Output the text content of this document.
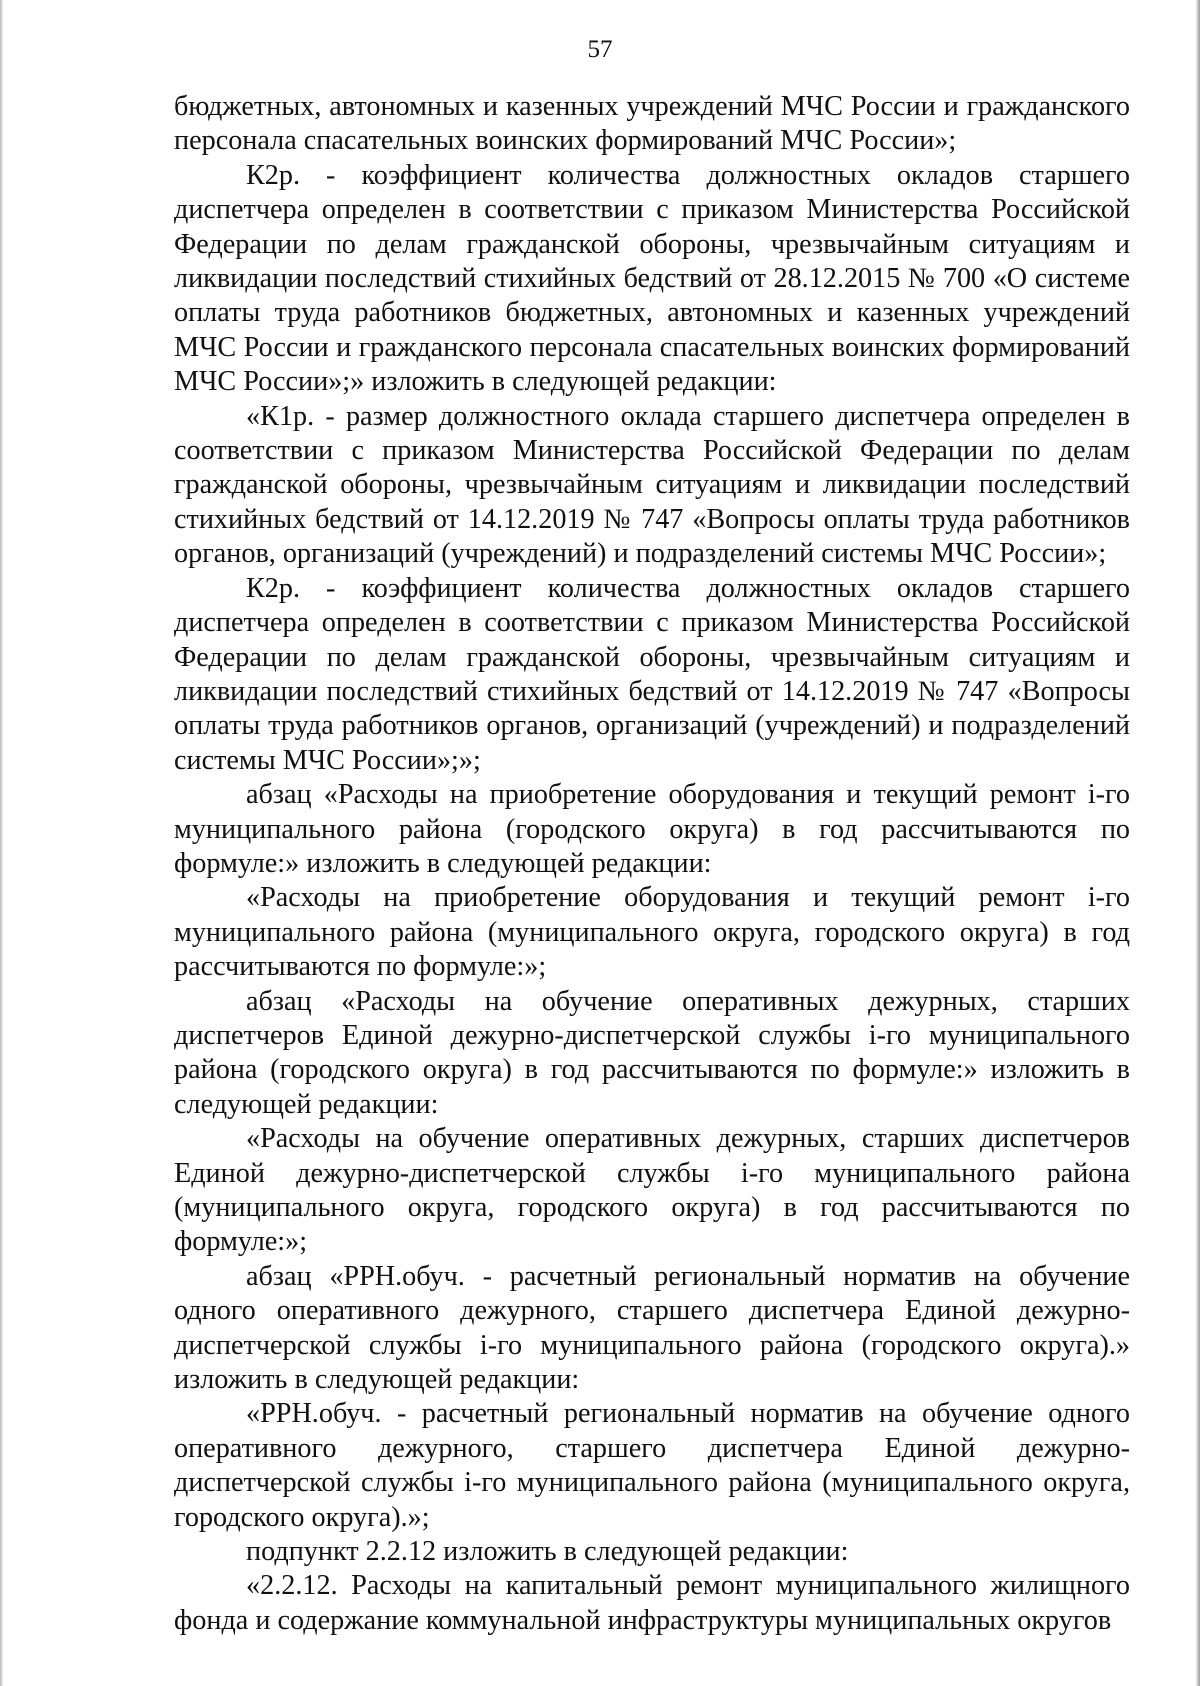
57

бюджетных, автономных и казенных учреждений МЧС России и гражданского персонала спасательных воинских формирований МЧС России»;

К2р. - коэффициент количества должностных окладов старшего диспетчера определен в соответствии с приказом Министерства Российской Федерации по делам гражданской обороны, чрезвычайным ситуациям и ликвидации последствий стихийных бедствий от 28.12.2015 № 700 «О системе оплаты труда работников бюджетных, автономных и казенных учреждений МЧС России и гражданского персонала спасательных воинских формирований МЧС России»;» изложить в следующей редакции:

«К1р. - размер должностного оклада старшего диспетчера определен в соответствии с приказом Министерства Российской Федерации по делам гражданской обороны, чрезвычайным ситуациям и ликвидации последствий стихийных бедствий от 14.12.2019 № 747 «Вопросы оплаты труда работников органов, организаций (учреждений) и подразделений системы МЧС России»;

К2р. - коэффициент количества должностных окладов старшего диспетчера определен в соответствии с приказом Министерства Российской Федерации по делам гражданской обороны, чрезвычайным ситуациям и ликвидации последствий стихийных бедствий от 14.12.2019 № 747 «Вопросы оплаты труда работников органов, организаций (учреждений) и подразделений системы МЧС России»;»;

абзац «Расходы на приобретение оборудования и текущий ремонт i-го муниципального района (городского округа) в год рассчитываются по формуле:» изложить в следующей редакции:

«Расходы на приобретение оборудования и текущий ремонт i-го муниципального района (муниципального округа, городского округа) в год рассчитываются по формуле:»;

абзац «Расходы на обучение оперативных дежурных, старших диспетчеров Единой дежурно-диспетчерской службы i-го муниципального района (городского округа) в год рассчитываются по формуле:» изложить в следующей редакции:

«Расходы на обучение оперативных дежурных, старших диспетчеров Единой дежурно-диспетчерской службы i-го муниципального района (муниципального округа, городского округа) в год рассчитываются по формуле:»;

абзац «PPH.обуч. - расчетный региональный норматив на обучение одного оперативного дежурного, старшего диспетчера Единой дежурно-диспетчерской службы i-го муниципального района (городского округа).» изложить в следующей редакции:

«PPH.обуч. - расчетный региональный норматив на обучение одного оперативного дежурного, старшего диспетчера Единой дежурно-диспетчерской службы i-го муниципального района (муниципального округа, городского округа).»;

подпункт 2.2.12 изложить в следующей редакции:

«2.2.12. Расходы на капитальный ремонт муниципального жилищного фонда и содержание коммунальной инфраструктуры муниципальных округов
